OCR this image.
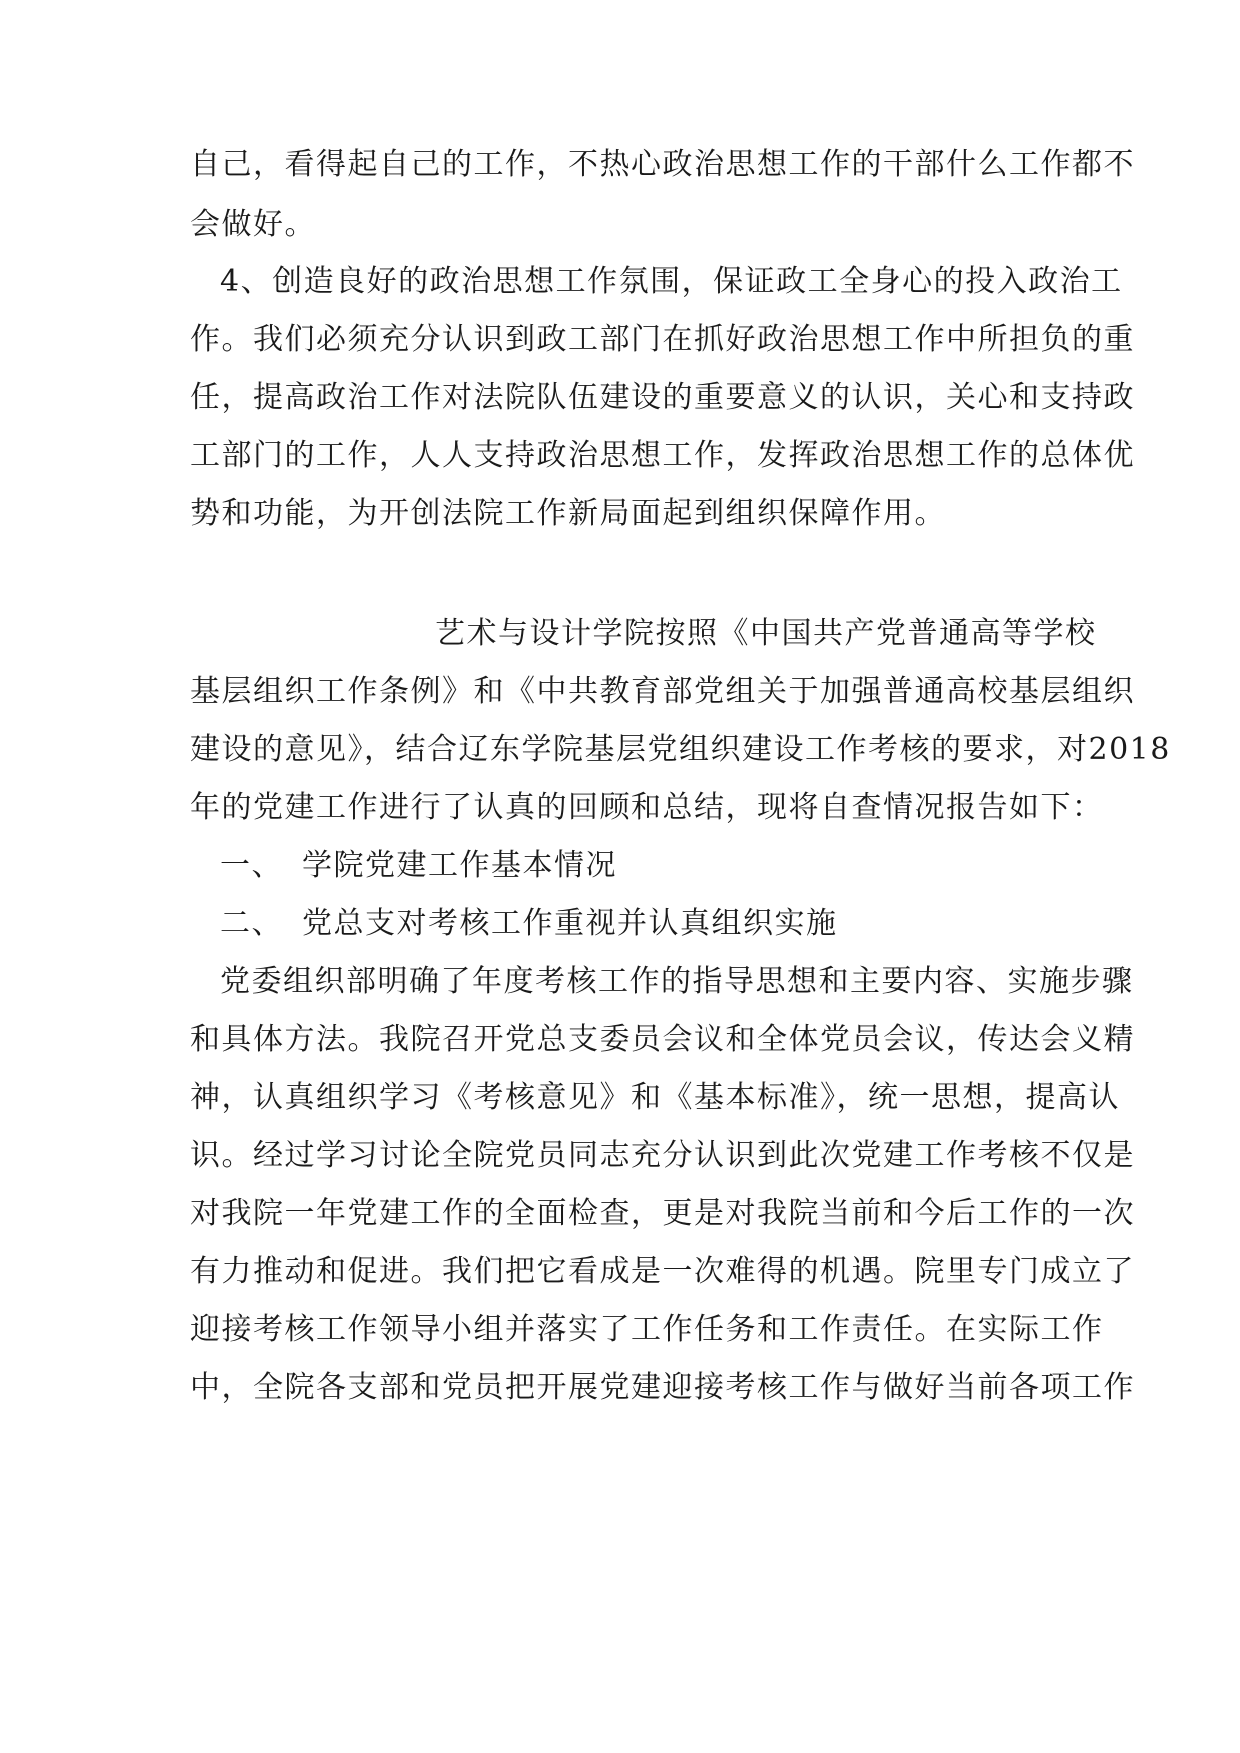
自己，看得起自己的工作，不热心政治思想工作的干部什么工作都不
会做好。
4、创造良好的政治思想工作氛围，保证政工全身心的投入政治工
作。我们必须充分认识到政工部门在抓好政治思想工作中所担负的重
任，提高政治工作对法院队伍建设的重要意义的认识，关心和支持政
工部门的工作，人人支持政治思想工作，发挥政治思想工作的总体优
势和功能，为开创法院工作新局面起到组织保障作用。
艺术与设计学院按照《中国共产党普通高等学校
基层组织工作条例》和《中共教育部党组关于加强普通高校基层组织
建设的意见》，结合辽东学院基层党组织建设工作考核的要求，对2018
年的党建工作进行了认真的回顾和总结，现将自查情况报告如下：
一、 学院党建工作基本情况
二、 党总支对考核工作重视并认真组织实施
党委组织部明确了年度考核工作的指导思想和主要内容、实施步骤
和具体方法。我院召开党总支委员会议和全体党员会议，传达会义精
神，认真组织学习《考核意见》和《基本标准》，统一思想，提高认
识。经过学习讨论全院党员同志充分认识到此次党建工作考核不仅是
对我院一年党建工作的全面检查，更是对我院当前和今后工作的一次
有力推动和促进。我们把它看成是一次难得的机遇。院里专门成立了
迎接考核工作领导小组并落实了工作任务和工作责任。在实际工作
中，全院各支部和党员把开展党建迎接考核工作与做好当前各项工作
